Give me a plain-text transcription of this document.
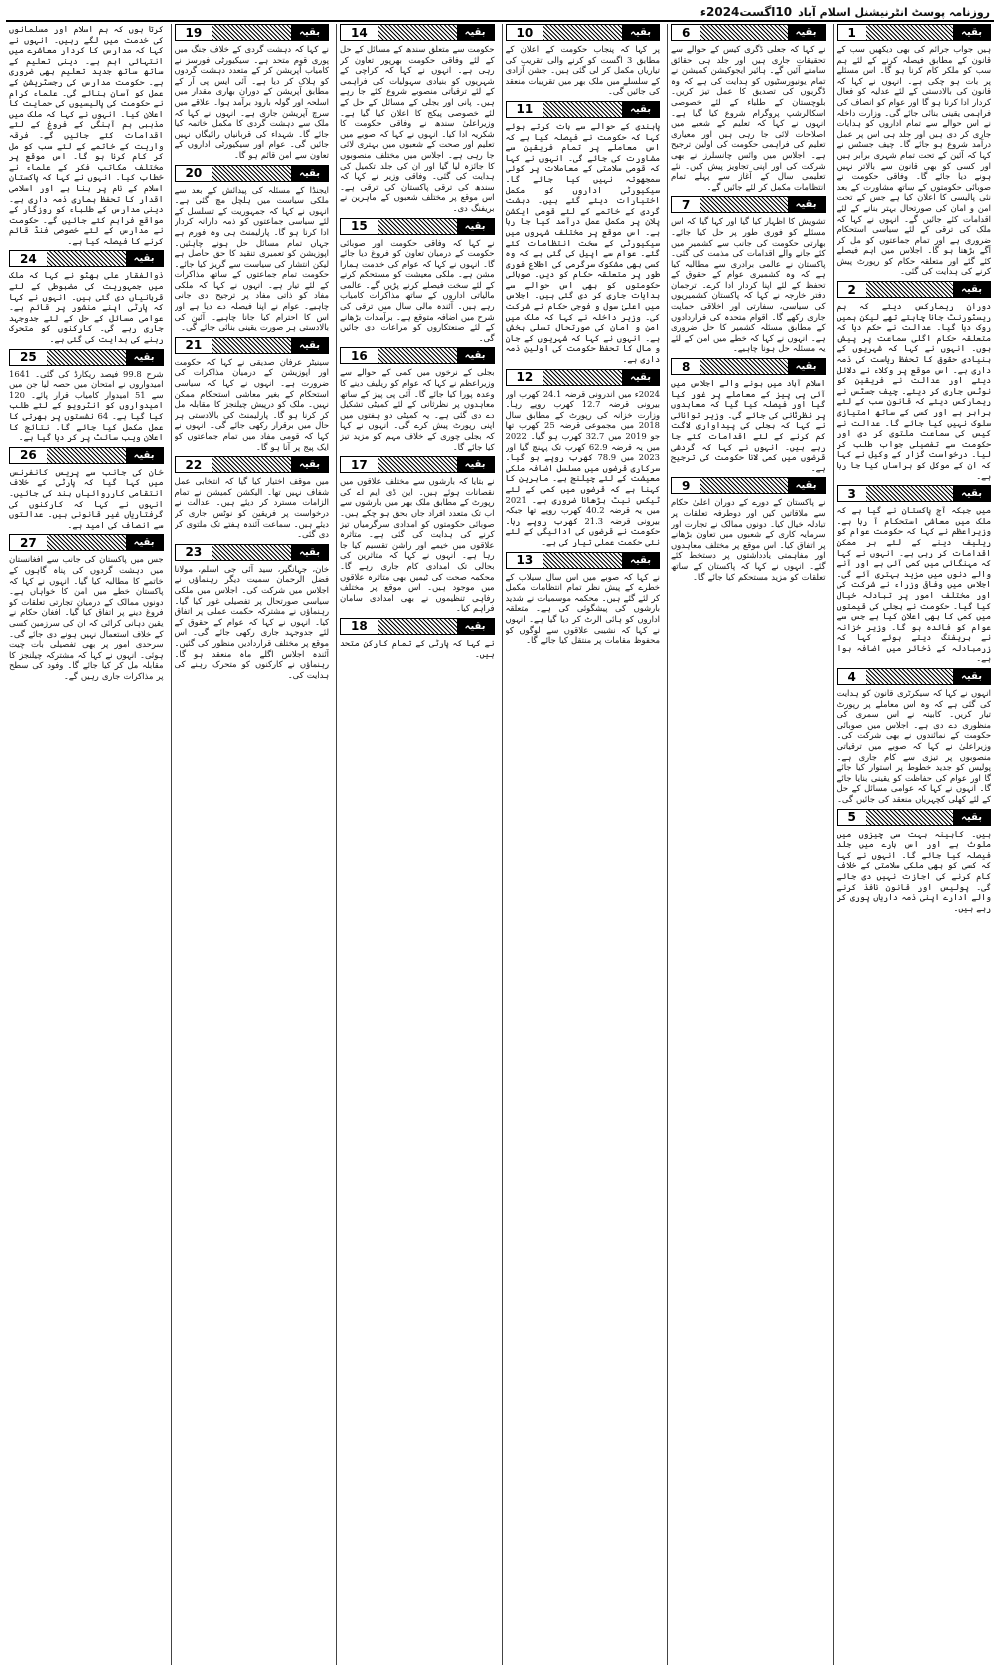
روزنامہ پوسٹ انٹرنیشنل اسلام آباد
10اگست2024ء
بقیہ
1
ہیں جواب جرائم کی بھی دیکھیں سب کے قانون کے مطابق فیصلہ کرنے کے لئے ہم سب کو ملکر کام کرنا ہو گا۔ اس مسئلے پر بات ہو چکی ہے۔ انہوں نے کہا کہ قانون کی بالادستی کے لئے عدلیہ کو فعال کردار ادا کرنا ہو گا اور عوام کو انصاف کی فراہمی یقینی بنائی جائے گی۔ وزارت داخلہ نے اس حوالے سے تمام اداروں کو ہدایات جاری کر دی ہیں اور جلد ہی اس پر عمل درآمد شروع ہو جائے گا۔ چیف جسٹس نے کہا کہ آئین کے تحت تمام شہری برابر ہیں اور کسی کو بھی قانون سے بالاتر نہیں ہونے دیا جائے گا۔ وفاقی حکومت نے صوبائی حکومتوں کے ساتھ مشاورت کے بعد نئی پالیسی کا اعلان کیا ہے جس کے تحت امن و امان کی صورتحال بہتر بنانے کے لئے اقدامات کئے جائیں گے۔ انہوں نے کہا کہ ملک کی ترقی کے لئے سیاسی استحکام ضروری ہے اور تمام جماعتوں کو مل کر آگے بڑھنا ہو گا۔ اجلاس میں اہم فیصلے کئے گئے اور متعلقہ حکام کو رپورٹ پیش کرنے کی ہدایت کی گئی۔
بقیہ
2
دوران ریمارکس دیئے کہ ہم ریسٹورنٹ جانا چاہتے تھے لیکن ہمیں روک دیا گیا۔ عدالت نے حکم دیا کہ متعلقہ حکام اگلی سماعت پر پیش ہوں۔ انہوں نے کہا کہ شہریوں کے بنیادی حقوق کا تحفظ ریاست کی ذمہ داری ہے۔ اس موقع پر وکلاء نے دلائل دیئے اور عدالت نے فریقین کو نوٹس جاری کر دیئے۔ چیف جسٹس نے ریمارکس دیئے کہ قانون سب کے لئے برابر ہے اور کسی کے ساتھ امتیازی سلوک نہیں کیا جائے گا۔ عدالت نے کیس کی سماعت ملتوی کر دی اور حکومت سے تفصیلی جواب طلب کر لیا۔ درخواست گزار کے وکیل نے کہا کہ ان کے موکل کو ہراساں کیا جا رہا ہے۔
بقیہ
3
میں جبکہ آج پاکستان نے گیا ہے کہ ملک میں معاشی استحکام آ رہا ہے۔ وزیراعظم نے کہا کہ حکومت عوام کو ریلیف دینے کے لئے ہر ممکن اقدامات کر رہی ہے۔ انہوں نے کہا کہ مہنگائی میں کمی آئی ہے اور آنے والے دنوں میں مزید بہتری آئے گی۔ اجلاس میں وفاقی وزراء نے شرکت کی اور مختلف امور پر تبادلہ خیال کیا گیا۔ حکومت نے بجلی کی قیمتوں میں کمی کا بھی اعلان کیا ہے جس سے عوام کو فائدہ ہو گا۔ وزیر خزانہ نے بریفنگ دیتے ہوئے کہا کہ زرمبادلہ کے ذخائر میں اضافہ ہوا ہے۔
بقیہ
4
انہوں نے کہا کہ سیکرٹری قانون کو ہدایت کی گئی ہے کہ وہ اس معاملے پر رپورٹ تیار کریں۔ کابینہ نے اس سمری کی منظوری دے دی ہے۔ اجلاس میں صوبائی حکومت کے نمائندوں نے بھی شرکت کی۔ وزیراعلیٰ نے کہا کہ صوبے میں ترقیاتی منصوبوں پر تیزی سے کام جاری ہے۔ پولیس کو جدید خطوط پر استوار کیا جائے گا اور عوام کی حفاظت کو یقینی بنایا جائے گا۔ انہوں نے کہا کہ عوامی مسائل کے حل کے لئے کھلی کچہریاں منعقد کی جائیں گی۔
بقیہ
5
ہیں۔ کابینہ بہت سی چیزوں میں ملوث ہے اور اس بارے میں جلد فیصلہ کیا جائے گا۔ انہوں نے کہا کہ کسی کو بھی ملکی سلامتی کے خلاف کام کرنے کی اجازت نہیں دی جائے گی۔ پولیس اور قانون نافذ کرنے والے ادارے اپنی ذمہ داریاں پوری کر رہے ہیں۔
بقیہ
6
نے کہا کہ جعلی ڈگری کیس کے حوالے سے تحقیقات جاری ہیں اور جلد ہی حقائق سامنے آئیں گے۔ ہائیر ایجوکیشن کمیشن نے تمام یونیورسٹیوں کو ہدایت کی ہے کہ وہ ڈگریوں کی تصدیق کا عمل تیز کریں۔ بلوچستان کے طلباء کے لئے خصوصی اسکالرشپ پروگرام شروع کیا گیا ہے۔ انہوں نے کہا کہ تعلیم کے شعبے میں اصلاحات لائی جا رہی ہیں اور معیاری تعلیم کی فراہمی حکومت کی اولین ترجیح ہے۔ اجلاس میں وائس چانسلرز نے بھی شرکت کی اور اپنی تجاویز پیش کیں۔ نئے تعلیمی سال کے آغاز سے پہلے تمام انتظامات مکمل کر لئے جائیں گے۔
بقیہ
7
تشویش کا اظہار کیا گیا اور کہا گیا کہ اس مسئلے کو فوری طور پر حل کیا جائے۔ بھارتی حکومت کی جانب سے کشمیر میں کئے جانے والے اقدامات کی مذمت کی گئی۔ پاکستان نے عالمی برادری سے مطالبہ کیا ہے کہ وہ کشمیری عوام کے حقوق کے تحفظ کے لئے اپنا کردار ادا کرے۔ ترجمان دفتر خارجہ نے کہا کہ پاکستان کشمیریوں کی سیاسی، سفارتی اور اخلاقی حمایت جاری رکھے گا۔ اقوام متحدہ کی قراردادوں کے مطابق مسئلہ کشمیر کا حل ضروری ہے۔ انہوں نے کہا کہ خطے میں امن کے لئے یہ مسئلہ حل ہونا چاہیے۔
بقیہ
8
اسلام آباد میں ہونے والے اجلاس میں آئی پی پیز کے معاملے پر غور کیا گیا اور فیصلہ کیا گیا کہ معاہدوں پر نظرثانی کی جائے گی۔ وزیر توانائی نے کہا کہ بجلی کی پیداواری لاگت کم کرنے کے لئے اقدامات کئے جا رہے ہیں۔ انہوں نے کہا کہ گردشی قرضوں میں کمی لانا حکومت کی ترجیح ہے۔
بقیہ
9
نے پاکستان کے دورے کے دوران اعلیٰ حکام سے ملاقاتیں کیں اور دوطرفہ تعلقات پر تبادلہ خیال کیا۔ دونوں ممالک نے تجارت اور سرمایہ کاری کے شعبوں میں تعاون بڑھانے پر اتفاق کیا۔ اس موقع پر مختلف معاہدوں اور مفاہمتی یادداشتوں پر دستخط کئے گئے۔ انہوں نے کہا کہ پاکستان کے ساتھ تعلقات کو مزید مستحکم کیا جائے گا۔
بقیہ
10
پر کہا کہ پنجاب حکومت کے اعلان کے مطابق 3 اگست کو کرنے والی تقریب کی تیاریاں مکمل کر لی گئی ہیں۔ جشن آزادی کے سلسلے میں ملک بھر میں تقریبات منعقد کی جائیں گی۔
بقیہ
11
پابندی کے حوالے سے بات کرتے ہوئے کہا کہ حکومت نے فیصلہ کیا ہے کہ اس معاملے پر تمام فریقین سے مشاورت کی جائے گی۔ انہوں نے کہا کہ قومی سلامتی کے معاملات پر کوئی سمجھوتہ نہیں کیا جائے گا۔ سیکیورٹی اداروں کو مکمل اختیارات دیئے گئے ہیں۔ دہشت گردی کے خاتمے کے لئے قومی ایکشن پلان پر مکمل عمل درآمد کیا جا رہا ہے۔ اس موقع پر مختلف شہروں میں سیکیورٹی کے سخت انتظامات کئے گئے۔ عوام سے اپیل کی گئی ہے کہ وہ کسی بھی مشکوک سرگرمی کی اطلاع فوری طور پر متعلقہ حکام کو دیں۔ صوبائی حکومتوں کو بھی اس حوالے سے ہدایات جاری کر دی گئی ہیں۔ اجلاس میں اعلیٰ سول و فوجی حکام نے شرکت کی۔ وزیر داخلہ نے کہا کہ ملک میں امن و امان کی صورتحال تسلی بخش ہے۔ انہوں نے کہا کہ شہریوں کے جان و مال کا تحفظ حکومت کی اولین ذمہ داری ہے۔
بقیہ
12
2024ء میں اندرونی قرضہ 24.1 کھرب اور بیرونی قرضہ 12.7 کھرب روپے رہا۔ وزارت خزانہ کی رپورٹ کے مطابق سال 2018 میں مجموعی قرضہ 25 کھرب تھا جو 2019 میں 32.7 کھرب ہو گیا۔ 2022 میں یہ قرضہ 62.9 کھرب تک پہنچ گیا اور 2023 میں 78.9 کھرب روپے ہو گیا۔ سرکاری قرضوں میں مسلسل اضافہ ملکی معیشت کے لئے چیلنج ہے۔ ماہرین کا کہنا ہے کہ قرضوں میں کمی کے لئے ٹیکس نیٹ بڑھانا ضروری ہے۔ 2021 میں یہ قرضہ 40.2 کھرب روپے تھا جبکہ بیرونی قرضہ 21.3 کھرب روپے رہا۔ حکومت نے قرضوں کی ادائیگی کے لئے نئی حکمت عملی تیار کی ہے۔
بقیہ
13
نے کہا کہ صوبے میں اس سال سیلاب کے خطرے کے پیش نظر تمام انتظامات مکمل کر لئے گئے ہیں۔ محکمہ موسمیات نے شدید بارشوں کی پیشگوئی کی ہے۔ متعلقہ اداروں کو ہائی الرٹ کر دیا گیا ہے۔ انہوں نے کہا کہ نشیبی علاقوں سے لوگوں کو محفوظ مقامات پر منتقل کیا جائے گا۔
بقیہ
14
حکومت سے متعلق سندھ کے مسائل کے حل کے لئے وفاقی حکومت بھرپور تعاون کر رہی ہے۔ انہوں نے کہا کہ کراچی کے شہریوں کو بنیادی سہولیات کی فراہمی کے لئے ترقیاتی منصوبے شروع کئے جا رہے ہیں۔ پانی اور بجلی کے مسائل کے حل کے لئے خصوصی پیکج کا اعلان کیا گیا ہے۔ وزیراعلیٰ سندھ نے وفاقی حکومت کا شکریہ ادا کیا۔ انہوں نے کہا کہ صوبے میں تعلیم اور صحت کے شعبوں میں بہتری لائی جا رہی ہے۔ اجلاس میں مختلف منصوبوں کا جائزہ لیا گیا اور ان کی جلد تکمیل کی ہدایت کی گئی۔ وفاقی وزیر نے کہا کہ سندھ کی ترقی پاکستان کی ترقی ہے۔ اس موقع پر مختلف شعبوں کے ماہرین نے بریفنگ دی۔
بقیہ
15
نے کہا کہ وفاقی حکومت اور صوبائی حکومت کے درمیان تعاون کو فروغ دیا جائے گا۔ انہوں نے کہا کہ عوام کی خدمت ہمارا مشن ہے۔ ملکی معیشت کو مستحکم کرنے کے لئے سخت فیصلے کرنے پڑیں گے۔ عالمی مالیاتی اداروں کے ساتھ مذاکرات کامیاب رہے ہیں۔ آئندہ مالی سال میں ترقی کی شرح میں اضافہ متوقع ہے۔ برآمدات بڑھانے کے لئے صنعتکاروں کو مراعات دی جائیں گی۔
بقیہ
16
بجلی کے نرخوں میں کمی کے حوالے سے وزیراعظم نے کہا کہ عوام کو ریلیف دینے کا وعدہ پورا کیا جائے گا۔ آئی پی پیز کے ساتھ معاہدوں پر نظرثانی کے لئے کمیٹی تشکیل دے دی گئی ہے۔ یہ کمیٹی دو ہفتوں میں اپنی رپورٹ پیش کرے گی۔ انہوں نے کہا کہ بجلی چوری کے خلاف مہم کو مزید تیز کیا جائے گا۔
بقیہ
17
نے بتایا کہ بارشوں سے مختلف علاقوں میں نقصانات ہوئے ہیں۔ این ڈی ایم اے کی رپورٹ کے مطابق ملک بھر میں بارشوں سے اب تک متعدد افراد جاں بحق ہو چکے ہیں۔ صوبائی حکومتوں کو امدادی سرگرمیاں تیز کرنے کی ہدایت کی گئی ہے۔ متاثرہ علاقوں میں خیمے اور راشن تقسیم کیا جا رہا ہے۔ انہوں نے کہا کہ متاثرین کی بحالی تک امدادی کام جاری رہے گا۔ محکمہ صحت کی ٹیمیں بھی متاثرہ علاقوں میں موجود ہیں۔ اس موقع پر مختلف رفاہی تنظیموں نے بھی امدادی سامان فراہم کیا۔
بقیہ
18
نے کہا کہ پارٹی کے تمام کارکن متحد ہیں۔
بقیہ
19
نے کہا کہ دہشت گردی کے خلاف جنگ میں پوری قوم متحد ہے۔ سیکیورٹی فورسز نے کامیاب آپریشن کر کے متعدد دہشت گردوں کو ہلاک کر دیا ہے۔ آئی ایس پی آر کے مطابق آپریشن کے دوران بھاری مقدار میں اسلحہ اور گولہ بارود برآمد ہوا۔ علاقے میں سرچ آپریشن جاری ہے۔ انہوں نے کہا کہ ملک سے دہشت گردی کا مکمل خاتمہ کیا جائے گا۔ شہداء کی قربانیاں رائیگاں نہیں جائیں گی۔ عوام اور سیکیورٹی اداروں کے تعاون سے امن قائم ہو گا۔
بقیہ
20
ایجنڈا کے مسئلہ کی پیدائش کے بعد سے ملکی سیاست میں ہلچل مچ گئی ہے۔ انہوں نے کہا کہ جمہوریت کے تسلسل کے لئے سیاسی جماعتوں کو ذمہ دارانہ کردار ادا کرنا ہو گا۔ پارلیمنٹ ہی وہ فورم ہے جہاں تمام مسائل حل ہونے چاہئیں۔ اپوزیشن کو تعمیری تنقید کا حق حاصل ہے لیکن انتشار کی سیاست سے گریز کیا جائے۔ حکومت تمام جماعتوں کے ساتھ مذاکرات کے لئے تیار ہے۔ انہوں نے کہا کہ ملکی مفاد کو ذاتی مفاد پر ترجیح دی جانی چاہیے۔ عوام نے اپنا فیصلہ دے دیا ہے اور اس کا احترام کیا جانا چاہیے۔ آئین کی بالادستی ہر صورت یقینی بنائی جائے گی۔
بقیہ
21
سینیٹر عرفان صدیقی نے کہا کہ حکومت اور اپوزیشن کے درمیان مذاکرات کی ضرورت ہے۔ انہوں نے کہا کہ سیاسی استحکام کے بغیر معاشی استحکام ممکن نہیں۔ ملک کو درپیش چیلنجز کا مقابلہ مل کر کرنا ہو گا۔ پارلیمنٹ کی بالادستی ہر حال میں برقرار رکھی جائے گی۔ انہوں نے کہا کہ قومی مفاد میں تمام جماعتوں کو ایک پیج پر آنا ہو گا۔
بقیہ
22
میں موقف اختیار کیا گیا کہ انتخابی عمل شفاف نہیں تھا۔ الیکشن کمیشن نے تمام الزامات مسترد کر دیئے ہیں۔ عدالت نے درخواست پر فریقین کو نوٹس جاری کر دیئے ہیں۔ سماعت آئندہ ہفتے تک ملتوی کر دی گئی۔
بقیہ
23
خان، جہانگیر، سید آئی جی اسلم، مولانا فضل الرحمان سمیت دیگر رہنماؤں نے اجلاس میں شرکت کی۔ اجلاس میں ملکی سیاسی صورتحال پر تفصیلی غور کیا گیا۔ رہنماؤں نے مشترکہ حکمت عملی پر اتفاق کیا۔ انہوں نے کہا کہ عوام کے حقوق کے لئے جدوجہد جاری رکھی جائے گی۔ اس موقع پر مختلف قراردادیں منظور کی گئیں۔ آئندہ اجلاس اگلے ماہ منعقد ہو گا۔ رہنماؤں نے کارکنوں کو متحرک رہنے کی ہدایت کی۔
کرتا ہوں کہ ہم اسلام اور مسلمانوں کی خدمت میں لگے رہیں۔ انہوں نے کہا کہ مدارس کا کردار معاشرے میں انتہائی اہم ہے۔ دینی تعلیم کے ساتھ ساتھ جدید تعلیم بھی ضروری ہے۔ حکومت مدارس کی رجسٹریشن کے عمل کو آسان بنائے گی۔ علماء کرام نے حکومت کی پالیسیوں کی حمایت کا اعلان کیا۔ انہوں نے کہا کہ ملک میں مذہبی ہم آہنگی کے فروغ کے لئے اقدامات کئے جائیں گے۔ فرقہ واریت کے خاتمے کے لئے سب کو مل کر کام کرنا ہو گا۔ اس موقع پر مختلف مکاتب فکر کے علماء نے خطاب کیا۔ انہوں نے کہا کہ پاکستان اسلام کے نام پر بنا ہے اور اسلامی اقدار کا تحفظ ہماری ذمہ داری ہے۔ دینی مدارس کے طلباء کو روزگار کے مواقع فراہم کئے جائیں گے۔ حکومت نے مدارس کے لئے خصوصی فنڈ قائم کرنے کا فیصلہ کیا ہے۔
بقیہ
24
ذوالفقار علی بھٹو نے کہا کہ ملک میں جمہوریت کی مضبوطی کے لئے قربانیاں دی گئی ہیں۔ انہوں نے کہا کہ پارٹی اپنے منشور پر قائم ہے۔ عوامی مسائل کے حل کے لئے جدوجہد جاری رہے گی۔ کارکنوں کو متحرک رہنے کی ہدایت کی گئی ہے۔
بقیہ
25
شرح 99.8 فیصد ریکارڈ کی گئی۔ 1641 امیدواروں نے امتحان میں حصہ لیا جن میں سے 51 امیدوار کامیاب قرار پائے۔ 120 امیدواروں کو انٹرویو کے لئے طلب کیا گیا ہے۔ 64 نشستوں پر بھرتی کا عمل مکمل کیا جائے گا۔ نتائج کا اعلان ویب سائٹ پر کر دیا گیا ہے۔
بقیہ
26
خان کی جانب سے پریس کانفرنس میں کہا گیا کہ پارٹی کے خلاف انتقامی کارروائیاں بند کی جائیں۔ انہوں نے کہا کہ کارکنوں کی گرفتاریاں غیر قانونی ہیں۔ عدالتوں سے انصاف کی امید ہے۔
بقیہ
27
جس میں پاکستان کی جانب سے افغانستان میں دہشت گردوں کی پناہ گاہوں کے خاتمے کا مطالبہ کیا گیا۔ انہوں نے کہا کہ پاکستان خطے میں امن کا خواہاں ہے۔ دونوں ممالک کے درمیان تجارتی تعلقات کو فروغ دینے پر اتفاق کیا گیا۔ افغان حکام نے یقین دہانی کرائی کہ ان کی سرزمین کسی کے خلاف استعمال نہیں ہونے دی جائے گی۔ سرحدی امور پر بھی تفصیلی بات چیت ہوئی۔ انہوں نے کہا کہ مشترکہ چیلنجز کا مقابلہ مل کر کیا جائے گا۔ وفود کی سطح پر مذاکرات جاری رہیں گے۔
